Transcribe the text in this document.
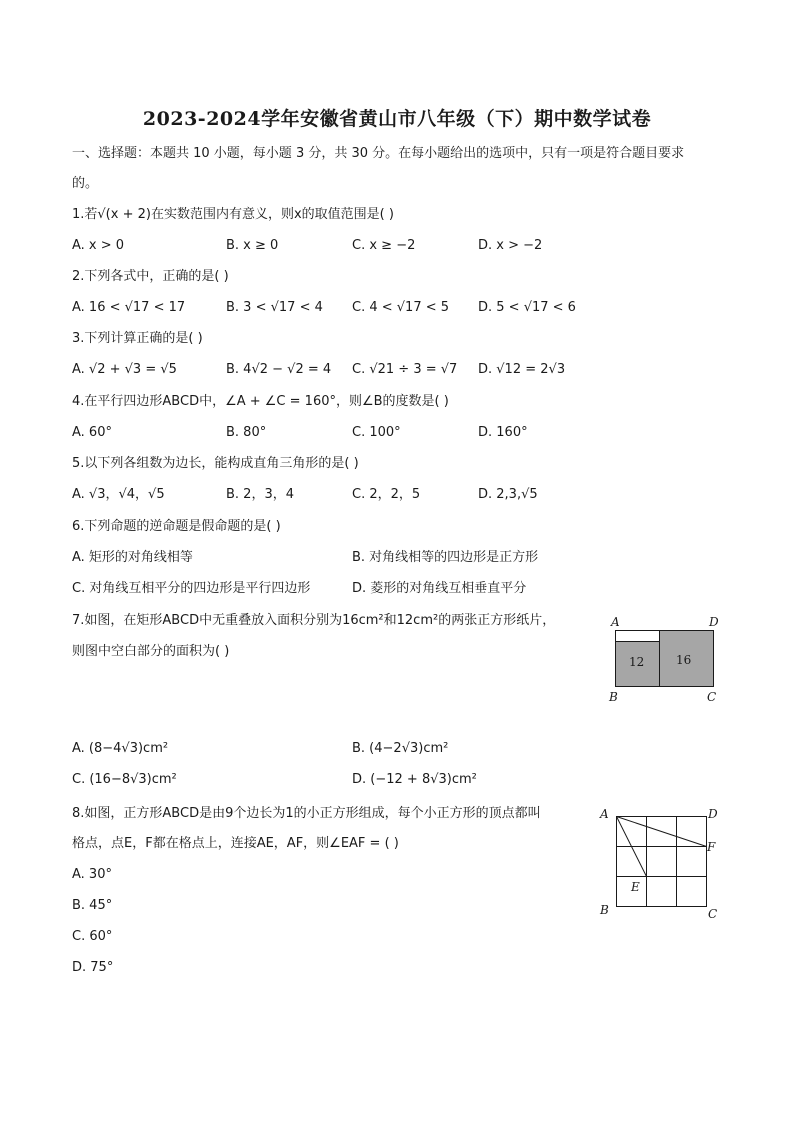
2023-2024学年安徽省黄山市八年级（下）期中数学试卷
一、选择题：本题共 10 小题，每小题 3 分，共 30 分。在每小题给出的选项中，只有一项是符合题目要求
的。
1.若√(x + 2)在实数范围内有意义，则x的取值范围是( )
A. x > 0	B. x ≥ 0	C. x ≥ −2	D. x > −2
2.下列各式中，正确的是( )
A. 16 < √17 < 17	B. 3 < √17 < 4 C. 4 < √17 < 5 D. 5 < √17 < 6
3.下列计算正确的是( )
A. √2 + √3 = √5	B. 4√2 − √2 = 4 C. √21 ÷ 3 = √7 D. √12 = 2√3
4.在平行四边形ABCD中，∠A + ∠C = 160°，则∠B的度数是( )
A. 60°	B. 80°	C. 100°	D. 160°
5.以下列各组数为边长，能构成直角三角形的是( )
A. √3，√4，√5	B. 2，3，4	C. 2，2，5	D. 2,3,√5
6.下列命题的逆命题是假命题的是( )
A. 矩形的对角线相等	B. 对角线相等的四边形是正方形
C. 对角线互相平分的四边形是平行四边形	D. 菱形的对角线互相垂直平分
7.如图，在矩形ABCD中无重叠放入面积分别为16cm²和12cm²的两张正方形纸片，
则图中空白部分的面积为( )
A	D
B	C
12	16
A. (8−4√3)cm²	B. (4−2√3)cm²
C. (16−8√3)cm²	D. (−12 + 8√3)cm²
8.如图，正方形ABCD是由9个边长为1的小正方形组成，每个小正方形的顶点都叫
格点，点E，F都在格点上，连接AE，AF，则∠EAF = ( )
A	D
F
E
B	C
A. 30°
B. 45°
C. 60°
D. 75°
